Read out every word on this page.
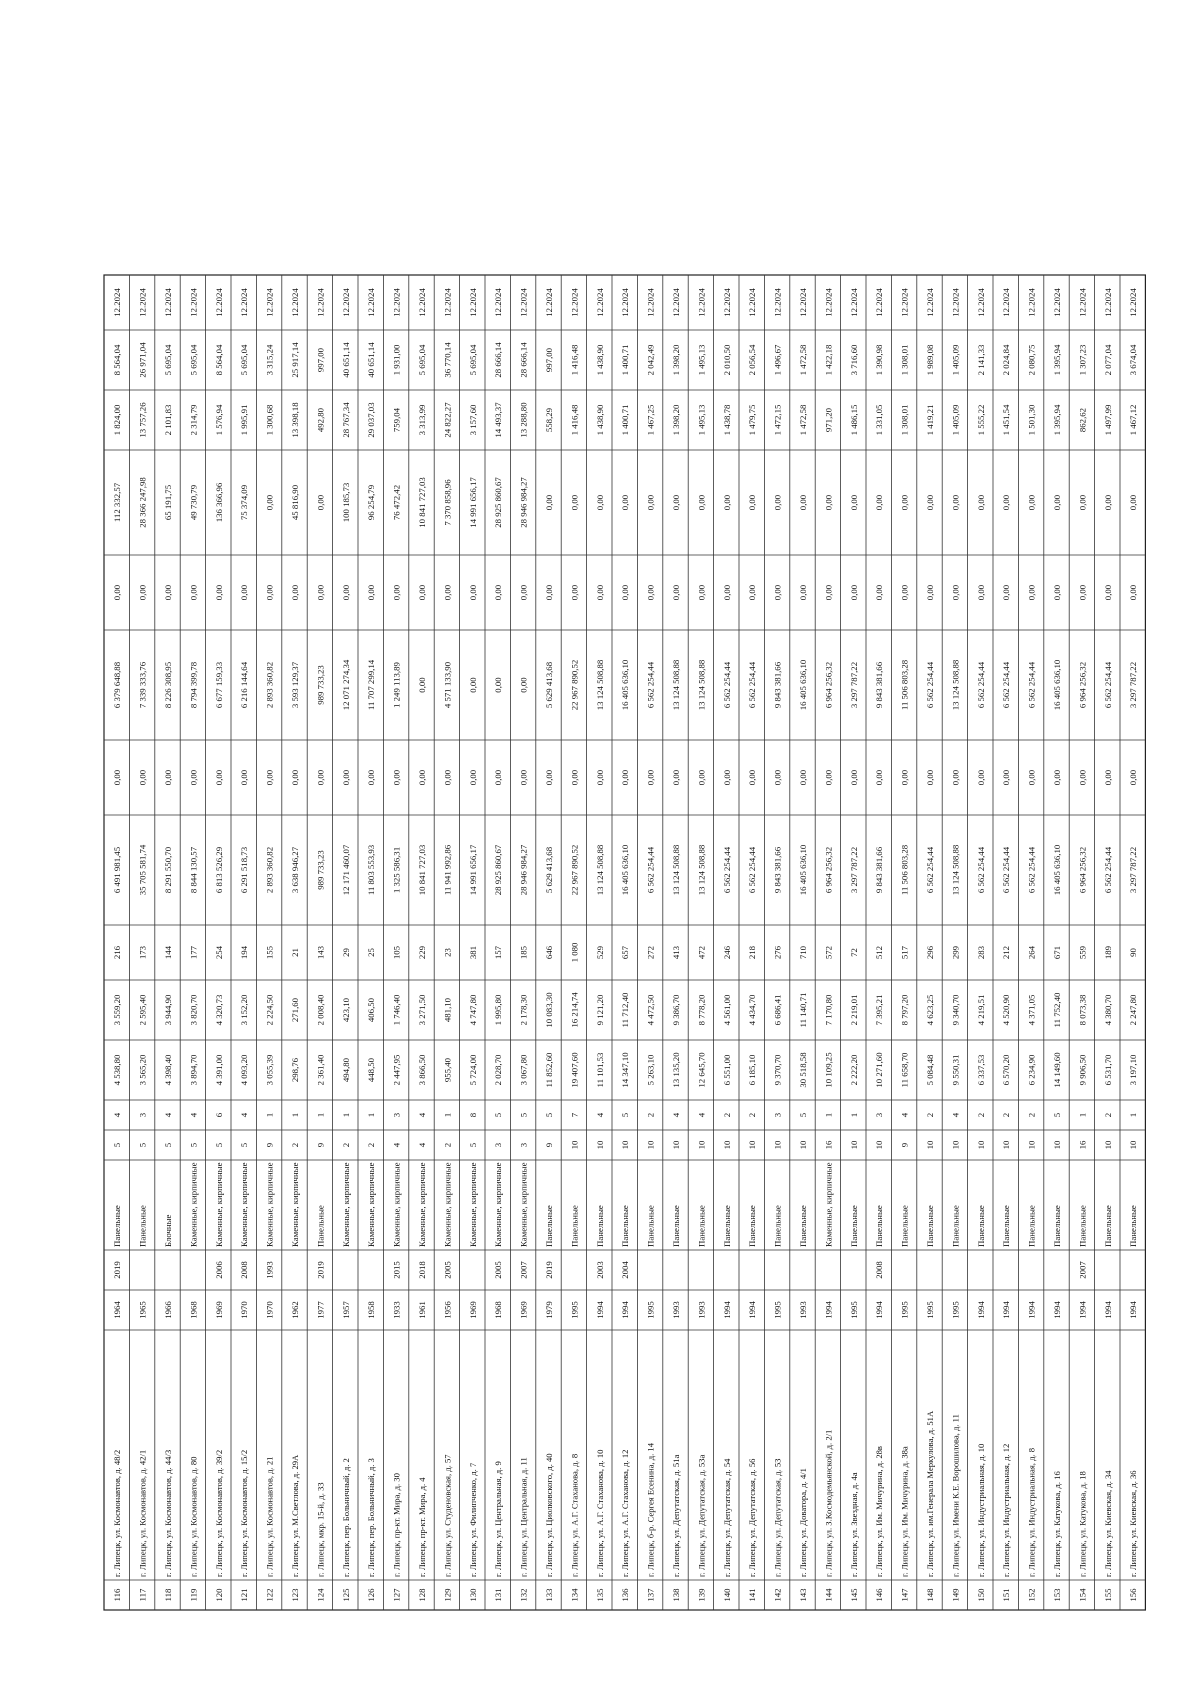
116
г. Липецк, ул. Космонавтов, д. 48/2
1964
2019
Панельные
5
4
4 538,80
3 559,20
216
6 491 981,45
0,00
6 379 648,88
0,00
112 332,57
1 824,00
8 564,04
12.2024
117
г. Липецк, ул. Космонавтов, д. 42/1
1965
Панельные
5
3
3 565,20
2 595,40
173
35 705 581,74
0,00
7 339 333,76
0,00
28 366 247,98
13 757,26
26 971,04
12.2024
118
г. Липецк, ул. Космонавтов, д. 44/3
1966
Блочные
5
4
4 398,40
3 944,90
144
8 291 550,70
0,00
8 226 308,95
0,00
65 191,75
2 101,83
5 695,04
12.2024
119
г. Липецк, ул. Космонавтов, д. 80
1968
Каменные, кирпичные
5
4
3 894,70
3 820,70
177
8 844 130,57
0,00
8 794 399,78
0,00
49 730,79
2 314,79
5 695,04
12.2024
120
г. Липецк, ул. Космонавтов, д. 39/2
1969
2006
Каменные, кирпичные
5
6
4 391,00
4 320,73
254
6 813 526,29
0,00
6 677 159,33
0,00
136 366,96
1 576,94
8 564,04
12.2024
121
г. Липецк, ул. Космонавтов, д. 15/2
1970
2008
Каменные, кирпичные
5
4
4 093,20
3 152,20
194
6 291 518,73
0,00
6 216 144,64
0,00
75 374,09
1 995,91
5 695,04
12.2024
122
г. Липецк, ул. Космонавтов, д. 21
1970
1993
Каменные, кирпичные
9
1
3 055,39
2 224,50
155
2 893 360,82
0,00
2 893 360,82
0,00
0,00
1 300,68
3 315,24
12.2024
123
г. Липецк, ул. М.Светлова, д. 29А
1962
Каменные, кирпичные
2
1
298,76
271,60
21
3 638 946,27
0,00
3 593 129,37
0,00
45 816,90
13 398,18
25 917,14
12.2024
124
г. Липецк, мкр. 15-й, д. 33
1977
2019
Панельные
9
1
2 361,40
2 008,40
143
989 733,23
0,00
989 733,23
0,00
0,00
492,80
997,00
12.2024
125
г. Липецк, пер. Больничный, д. 2
1957
Каменные, кирпичные
2
1
494,80
423,10
29
12 171 460,07
0,00
12 071 274,34
0,00
100 185,73
28 767,34
40 651,14
12.2024
126
г. Липецк, пер. Больничный, д. 3
1958
Каменные, кирпичные
2
1
448,50
406,50
25
11 803 553,93
0,00
11 707 299,14
0,00
96 254,79
29 037,03
40 651,14
12.2024
127
г. Липецк, пр-кт. Мира, д. 30
1933
2015
Каменные, кирпичные
4
3
2 447,95
1 746,40
105
1 325 586,31
0,00
1 249 113,89
0,00
76 472,42
759,04
1 931,00
12.2024
128
г. Липецк, пр-кт. Мира, д. 4
1961
2018
Каменные, кирпичные
4
4
3 866,50
3 271,50
229
10 841 727,03
0,00
0,00
0,00
10 841 727,03
3 313,99
5 695,04
12.2024
129
г. Липецк, ул. Студеновская, д. 57
1956
2005
Каменные, кирпичные
2
1
955,40
481,10
23
11 941 992,86
0,00
4 571 133,90
0,00
7 370 858,96
24 822,27
36 770,14
12.2024
130
г. Липецк, ул. Филипченко, д. 7
1969
Каменные, кирпичные
5
8
5 724,00
4 747,80
381
14 991 656,17
0,00
0,00
0,00
14 991 656,17
3 157,60
5 695,04
12.2024
131
г. Липецк, ул. Центральная, д. 9
1968
2005
Каменные, кирпичные
3
5
2 028,70
1 995,80
157
28 925 860,67
0,00
0,00
0,00
28 925 860,67
14 493,37
28 666,14
12.2024
132
г. Липецк, ул. Центральная, д. 11
1969
2007
Каменные, кирпичные
3
5
3 067,80
2 178,30
185
28 946 984,27
0,00
0,00
0,00
28 946 984,27
13 288,80
28 666,14
12.2024
133
г. Липецк, ул. Циолковского, д. 40
1979
2019
Панельные
9
5
11 852,60
10 083,30
646
5 629 413,68
0,00
5 629 413,68
0,00
0,00
558,29
997,00
12.2024
134
г. Липецк, ул. А.Г. Стаханова, д. 8
1995
Панельные
10
7
19 407,60
16 214,74
1 080
22 967 890,52
0,00
22 967 890,52
0,00
0,00
1 416,48
1 416,48
12.2024
135
г. Липецк, ул. А.Г. Стаханова, д. 10
1994
2003
Панельные
10
4
11 101,53
9 121,20
529
13 124 508,88
0,00
13 124 508,88
0,00
0,00
1 438,90
1 438,90
12.2024
136
г. Липецк, ул. А.Г. Стаханова, д. 12
1994
2004
Панельные
10
5
14 347,10
11 712,40
657
16 405 636,10
0,00
16 405 636,10
0,00
0,00
1 400,71
1 400,71
12.2024
137
г. Липецк, б-р. Сергея Есенина, д. 14
1995
Панельные
10
2
5 263,10
4 472,50
272
6 562 254,44
0,00
6 562 254,44
0,00
0,00
1 467,25
2 042,49
12.2024
138
г. Липецк, ул. Депутатская, д. 51а
1993
Панельные
10
4
13 135,20
9 386,70
413
13 124 508,88
0,00
13 124 508,88
0,00
0,00
1 398,20
1 398,20
12.2024
139
г. Липецк, ул. Депутатская, д. 53а
1993
Панельные
10
4
12 645,70
8 778,20
472
13 124 508,88
0,00
13 124 508,88
0,00
0,00
1 495,13
1 495,13
12.2024
140
г. Липецк, ул. Депутатская, д. 54
1994
Панельные
10
2
6 551,00
4 561,00
246
6 562 254,44
0,00
6 562 254,44
0,00
0,00
1 438,78
2 010,50
12.2024
141
г. Липецк, ул. Депутатская, д. 56
1994
Панельные
10
2
6 185,10
4 434,70
218
6 562 254,44
0,00
6 562 254,44
0,00
0,00
1 479,75
2 056,54
12.2024
142
г. Липецк, ул. Депутатская, д. 53
1995
Панельные
10
3
9 370,70
6 686,41
276
9 843 381,66
0,00
9 843 381,66
0,00
0,00
1 472,15
1 496,67
12.2024
143
г. Липецк, ул. Доватора, д. 4/1
1993
Панельные
10
5
30 518,58
11 140,71
710
16 405 636,10
0,00
16 405 636,10
0,00
0,00
1 472,58
1 472,58
12.2024
144
г. Липецк, ул. З.Космодемьянской, д. 2/1
1994
Каменные, кирпичные
16
1
10 109,25
7 170,80
572
6 964 256,32
0,00
6 964 256,32
0,00
0,00
971,20
1 422,18
12.2024
145
г. Липецк, ул. Звездная, д. 4а
1995
Панельные
10
1
2 222,20
2 219,01
72
3 297 787,22
0,00
3 297 787,22
0,00
0,00
1 486,15
3 716,60
12.2024
146
г. Липецк, ул. Им. Мичурина, д. 28в
1994
2008
Панельные
10
3
10 271,60
7 395,21
512
9 843 381,66
0,00
9 843 381,66
0,00
0,00
1 331,05
1 390,98
12.2024
147
г. Липецк, ул. Им. Мичурина, д. 38а
1995
Панельные
9
4
11 658,70
8 797,20
517
11 506 803,28
0,00
11 506 803,28
0,00
0,00
1 308,01
1 308,01
12.2024
148
г. Липецк, ул. им.Генерала Меркулова, д. 51А
1995
Панельные
10
2
5 084,48
4 623,25
296
6 562 254,44
0,00
6 562 254,44
0,00
0,00
1 419,21
1 989,08
12.2024
149
г. Липецк, ул. Имени К.Е. Ворошилова, д. 11
1995
Панельные
10
4
9 550,31
9 340,70
299
13 124 508,88
0,00
13 124 508,88
0,00
0,00
1 405,09
1 405,09
12.2024
150
г. Липецк, ул. Индустриальная, д. 10
1994
Панельные
10
2
6 337,53
4 219,51
283
6 562 254,44
0,00
6 562 254,44
0,00
0,00
1 555,22
2 141,33
12.2024
151
г. Липецк, ул. Индустриальная, д. 12
1994
Панельные
10
2
6 570,20
4 520,90
212
6 562 254,44
0,00
6 562 254,44
0,00
0,00
1 451,54
2 024,84
12.2024
152
г. Липецк, ул. Индустриальная, д. 8
1994
Панельные
10
2
6 234,90
4 371,05
264
6 562 254,44
0,00
6 562 254,44
0,00
0,00
1 501,30
2 080,75
12.2024
153
г. Липецк, ул. Катукова, д. 16
1994
Панельные
10
5
14 149,60
11 752,40
671
16 405 636,10
0,00
16 405 636,10
0,00
0,00
1 395,94
1 395,94
12.2024
154
г. Липецк, ул. Катукова, д. 18
1994
2007
Панельные
16
1
9 906,50
8 073,38
559
6 964 256,32
0,00
6 964 256,32
0,00
0,00
862,62
1 307,23
12.2024
155
г. Липецк, ул. Киевская, д. 34
1994
Панельные
10
2
6 531,70
4 380,70
189
6 562 254,44
0,00
6 562 254,44
0,00
0,00
1 497,99
2 077,04
12.2024
156
г. Липецк, ул. Киевская, д. 36
1994
Панельные
10
1
3 197,10
2 247,80
90
3 297 787,22
0,00
3 297 787,22
0,00
0,00
1 467,12
3 674,04
12.2024
